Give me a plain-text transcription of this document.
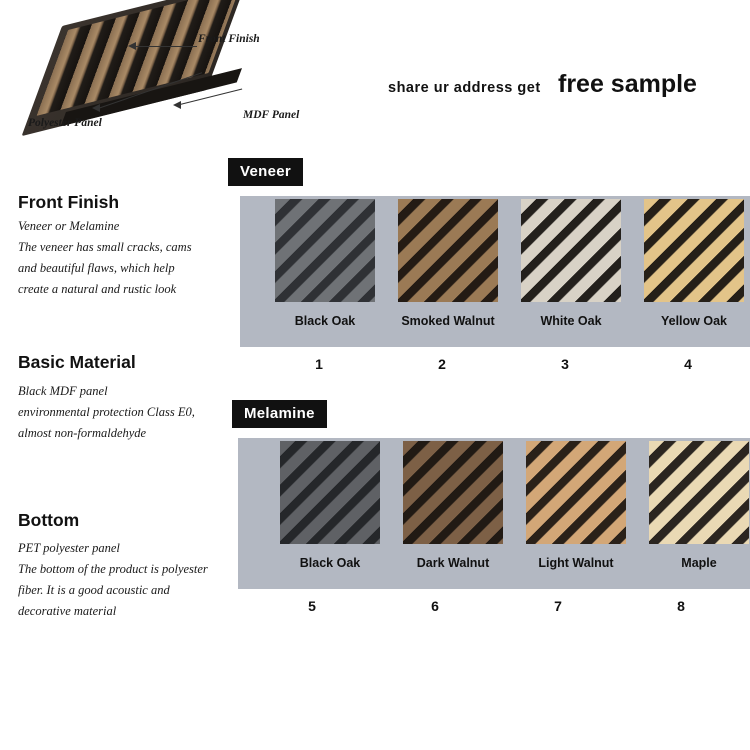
Front Finish
MDF Panel
Polyester Panel
share ur address get free sample
Veneer
Melamine
Front Finish
Veneer or Melamine
The veneer has small cracks, cams
and beautiful flaws, which help
create a natural and rustic look
Basic Material
Black MDF panel
environmental protection Class E0,
almost non-formaldehyde
Bottom
PET polyester panel
The bottom of the product is polyester
fiber. It is a good acoustic and
decorative material
Black Oak
1
Smoked Walnut
2
White Oak
3
Yellow Oak
4
Black Oak
5
Dark Walnut
6
Light Walnut
7
Maple
8
